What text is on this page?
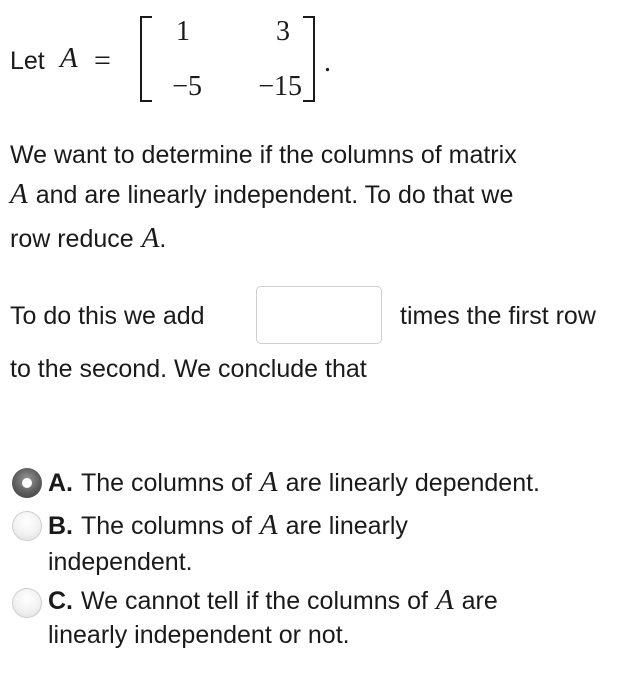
Let A =
1	3
−5	−15
.
We want to determine if the columns of matrix
A and are linearly independent. To do that we
row reduce A .
To do this we add	times the first row
to the second. We conclude that
A. The columns of A are linearly dependent.
B. The columns of A are linearly
independent.
C. We cannot tell if the columns of A are
linearly independent or not.
